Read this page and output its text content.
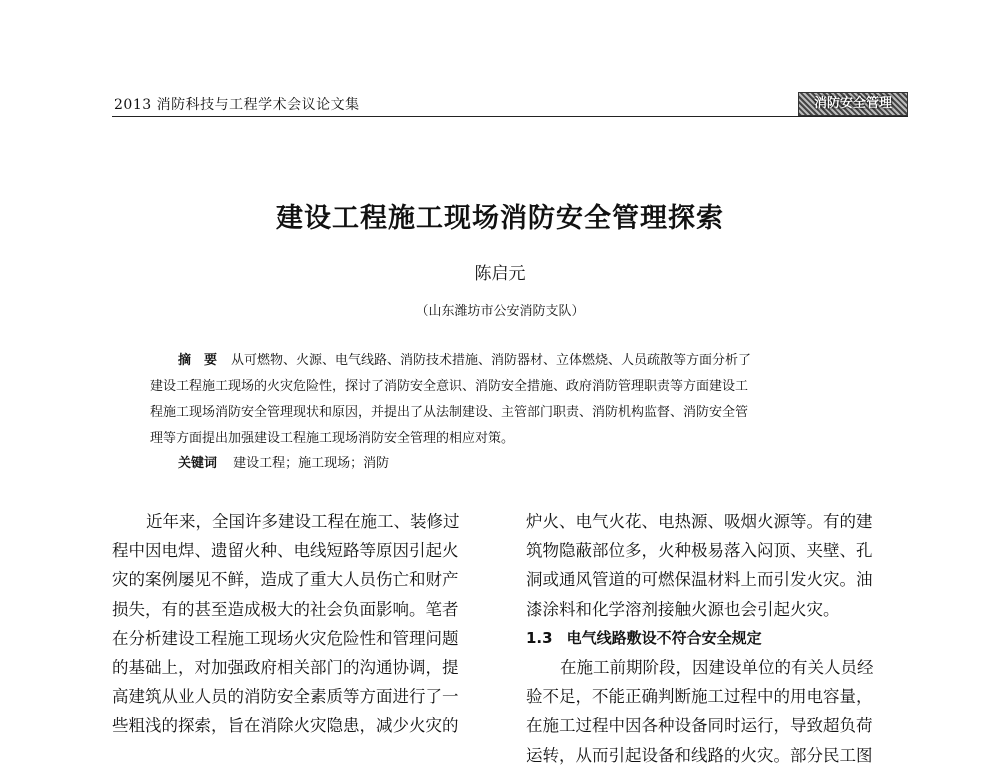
2013 消防科技与工程学术会议论文集	消防安全管理
建设工程施工现场消防安全管理探索
陈启元
（山东潍坊市公安消防支队）
摘　要 从可燃物、火源、电气线路、消防技术措施、消防器材、立体燃烧、人员疏散等方面分析了
建设工程施工现场的火灾危险性，探讨了消防安全意识、消防安全措施、政府消防管理职责等方面建设工
程施工现场消防安全管理现状和原因，并提出了从法制建设、主管部门职责、消防机构监督、消防安全管
理等方面提出加强建设工程施工现场消防安全管理的相应对策。
关键词 建设工程；施工现场；消防
近年来，全国许多建设工程在施工、装修过
程中因电焊、遗留火种、电线短路等原因引起火
灾的案例屡见不鲜，造成了重大人员伤亡和财产
损失，有的甚至造成极大的社会负面影响。笔者
在分析建设工程施工现场火灾危险性和管理问题
的基础上，对加强政府相关部门的沟通协调，提
高建筑从业人员的消防安全素质等方面进行了一
些粗浅的探索，旨在消除火灾隐患，减少火灾的
炉火、电气火花、电热源、吸烟火源等。有的建
筑物隐蔽部位多，火种极易落入闷顶、夹壁、孔
洞或通风管道的可燃保温材料上而引发火灾。油
漆涂料和化学溶剂接触火源也会引起火灾。
1.3 电气线路敷设不符合安全规定
在施工前期阶段，因建设单位的有关人员经
验不足，不能正确判断施工过程中的用电容量，
在施工过程中因各种设备同时运行，导致超负荷
运转，从而引起设备和线路的火灾。部分民工图
